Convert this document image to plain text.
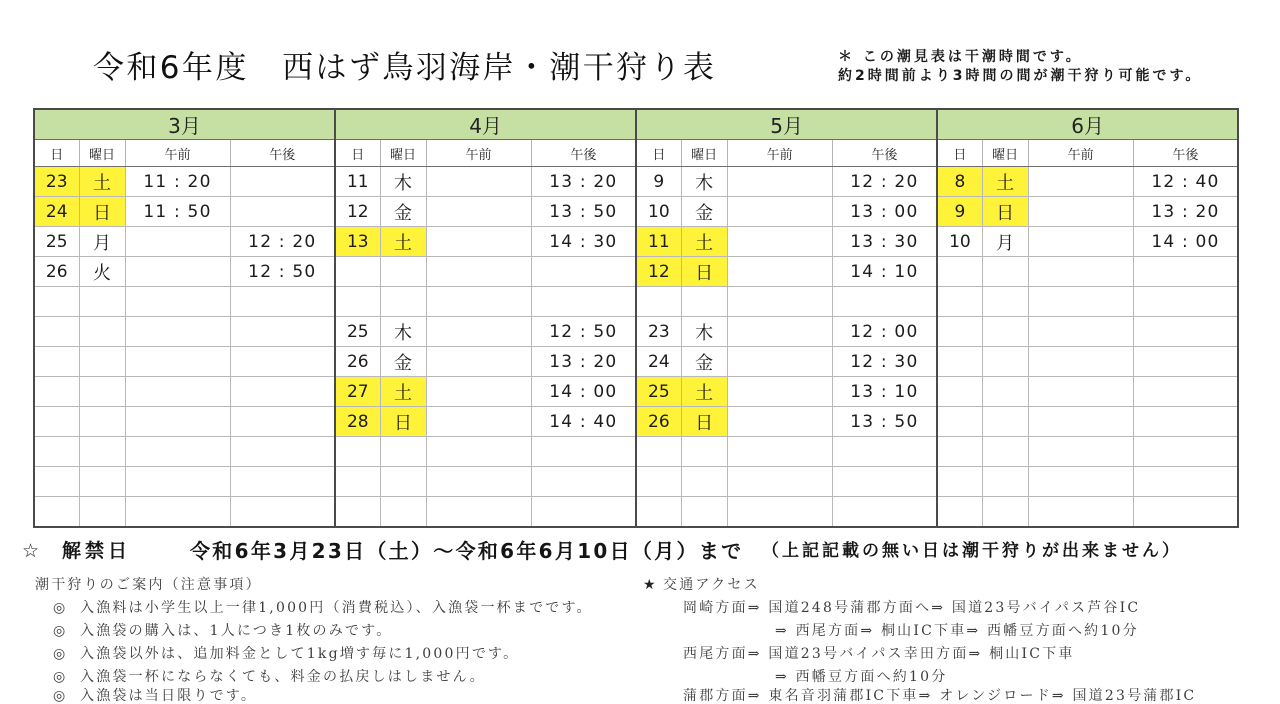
令和6年度　西はず鳥羽海岸・潮干狩り表	＊ この潮見表は干潮時間です。
約2時間前より3時間の間が潮干狩り可能です。
3月				4月				5月				6月			
日	曜日	午前	午後	日	曜日	午前	午後	日	曜日	午前	午後	日	曜日	午前	午後
23	土	11 : 20		11	木		13 : 20	9	木		12 : 20	8	土		12 : 40
24	日	11 : 50		12	金		13 : 50	10	金		13 : 00	9	日		13 : 20
25	月		12 : 20	13	土		14 : 30	11	土		13 : 30	10	月		14 : 00
26	火		12 : 50					12	日		14 : 10				

				25	木		12 : 50	23	木		12 : 00				
				26	金		13 : 20	24	金		12 : 30				
				27	土		14 : 00	25	土		13 : 10				
				28	日		14 : 40	26	日		13 : 50				

☆ 解禁日	令和6年3月23日（土）〜令和6年6月10日（月）まで （上記記載の無い日は潮干狩りが出来ません）
潮干狩りのご案内（注意事項）
◎ 入漁料は小学生以上一律1,000円（消費税込）、入漁袋一杯までです。
◎ 入漁袋の購入は、1人につき1枚のみです。
◎ 入漁袋以外は、追加料金として1kg増す毎に1,000円です。
◎ 入漁袋一杯にならなくても、料金の払戻しはしません。
◎ 入漁袋は当日限りです。
★ 交通アクセス
岡崎方面⇒ 国道248号蒲郡方面へ⇒ 国道23号バイパス芦谷IC
⇒ 西尾方面⇒ 桐山IC下車⇒ 西幡豆方面へ約10分
西尾方面⇒ 国道23号バイパス幸田方面⇒ 桐山IC下車
⇒ 西幡豆方面へ約10分
蒲郡方面⇒ 東名音羽蒲郡IC下車⇒ オレンジロード⇒ 国道23号蒲郡IC
